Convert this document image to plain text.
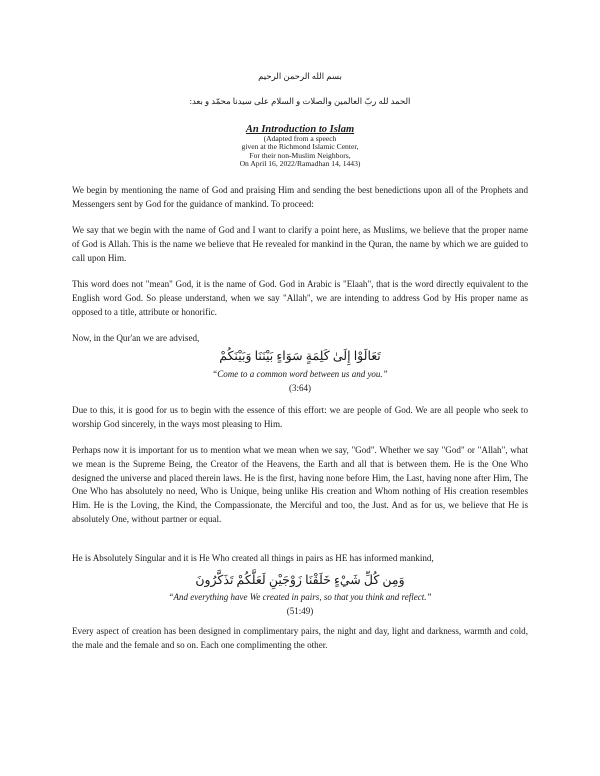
بسم الله الرحمن الرحيم
الحمد لله ربّ العالمين والصلات و السلام على سيدنا محمّد و بعد:
An Introduction to Islam
(Adapted from a speech
given at the Richmond Islamic Center,
For their non-Muslim Neighbors,
On April 16, 2022/Ramadhan 14, 1443)

We begin by mentioning the name of God and praising Him and sending the best benedictions upon all of the Prophets and Messengers sent by God for the guidance of mankind. To proceed:

We say that we begin with the name of God and I want to clarify a point here, as Muslims, we believe that the proper name of God is Allah. This is the name we believe that He revealed for mankind in the Quran, the name by which we are guided to call upon Him.

This word does not "mean" God, it is the name of God. God in Arabic is "Elaah", that is the word directly equivalent to the English word God. So please understand, when we say "Allah", we are intending to address God by His proper name as opposed to a title, attribute or honorific.

Now, in the Qur'an we are advised,

تَعَالَوْا إِلَىٰ كَلِمَةٍ سَوَاءٍ بَيْنَنَا وَبَيْنَكُمْ
“Come to a common word between us and you.”
(3:64)

Due to this, it is good for us to begin with the essence of this effort: we are people of God. We are all people who seek to worship God sincerely, in the ways most pleasing to Him.

Perhaps now it is important for us to mention what we mean when we say, "God". Whether we say "God" or "Allah", what we mean is the Supreme Being, the Creator of the Heavens, the Earth and all that is between them. He is the One Who designed the universe and placed therein laws. He is the first, having none before Him, the Last, having none after Him, The One Who has absolutely no need, Who is Unique, being unlike His creation and Whom nothing of His creation resembles Him. He is the Loving, the Kind, the Compassionate, the Merciful and too, the Just. And as for us, we believe that He is absolutely One, without partner or equal.

He is Absolutely Singular and it is He Who created all things in pairs as HE has informed mankind,

وَمِن كُلِّ شَيْءٍ خَلَقْنَا زَوْجَيْنِ لَعَلَّكُمْ تَذَكَّرُونَ
“And everything have We created in pairs, so that you think and reflect.”
(51:49)

Every aspect of creation has been designed in complimentary pairs, the night and day, light and darkness, warmth and cold, the male and the female and so on. Each one complimenting the other.
